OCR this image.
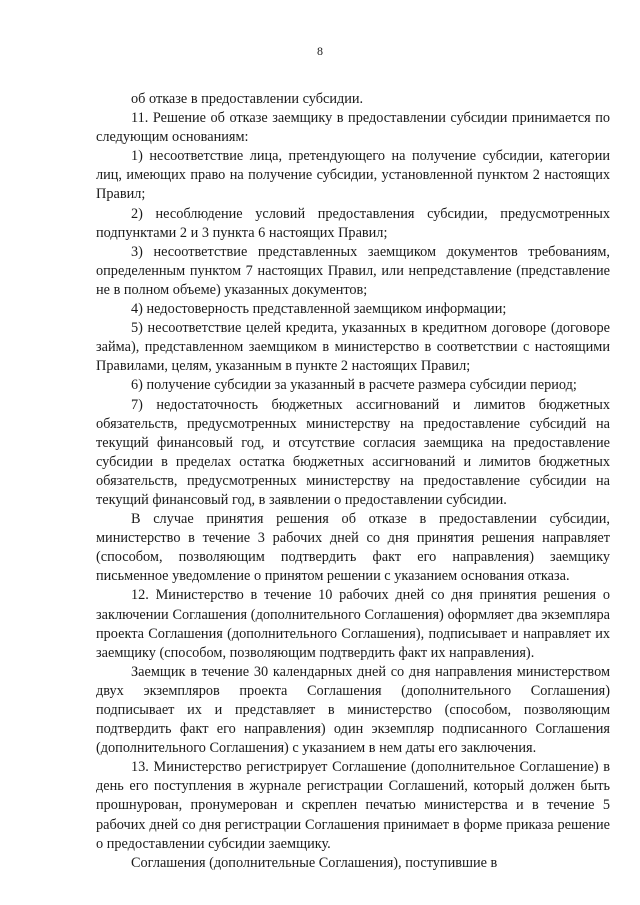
8

об отказе в предоставлении субсидии.

11. Решение об отказе заемщику в предоставлении субсидии принимается по следующим основаниям:

1) несоответствие лица, претендующего на получение субсидии, категории лиц, имеющих право на получение субсидии, установленной пунктом 2 настоящих Правил;

2) несоблюдение условий предоставления субсидии, предусмотренных подпунктами 2 и 3 пункта 6 настоящих Правил;

3) несоответствие представленных заемщиком документов требованиям, определенным пунктом 7 настоящих Правил, или непредставление (представление не в полном объеме) указанных документов;

4) недостоверность представленной заемщиком информации;

5) несоответствие целей кредита, указанных в кредитном договоре (договоре займа), представленном заемщиком в министерство в соответствии с настоящими Правилами, целям, указанным в пункте 2 настоящих Правил;

6) получение субсидии за указанный в расчете размера субсидии период;

7) недостаточность бюджетных ассигнований и лимитов бюджетных обязательств, предусмотренных министерству на предоставление субсидий на текущий финансовый год, и отсутствие согласия заемщика на предоставление субсидии в пределах остатка бюджетных ассигнований и лимитов бюджетных обязательств, предусмотренных министерству на предоставление субсидии на текущий финансовый год, в заявлении о предоставлении субсидии.

В случае принятия решения об отказе в предоставлении субсидии, министерство в течение 3 рабочих дней со дня принятия решения направляет (способом, позволяющим подтвердить факт его направления) заемщику письменное уведомление о принятом решении с указанием основания отказа.

12. Министерство в течение 10 рабочих дней со дня принятия решения о заключении Соглашения (дополнительного Соглашения) оформляет два экземпляра проекта Соглашения (дополнительного Соглашения), подписывает и направляет их заемщику (способом, позволяющим подтвердить факт их направления).

Заемщик в течение 30 календарных дней со дня направления министерством двух экземпляров проекта Соглашения (дополнительного Соглашения) подписывает их и представляет в министерство (способом, позволяющим подтвердить факт его направления) один экземпляр подписанного Соглашения (дополнительного Соглашения) с указанием в нем даты его заключения.

13. Министерство регистрирует Соглашение (дополнительное Соглашение) в день его поступления в журнале регистрации Соглашений, который должен быть прошнурован, пронумерован и скреплен печатью министерства и в течение 5 рабочих дней со дня регистрации Соглашения принимает в форме приказа решение о предоставлении субсидии заемщику.

Соглашения (дополнительные Соглашения), поступившие в
